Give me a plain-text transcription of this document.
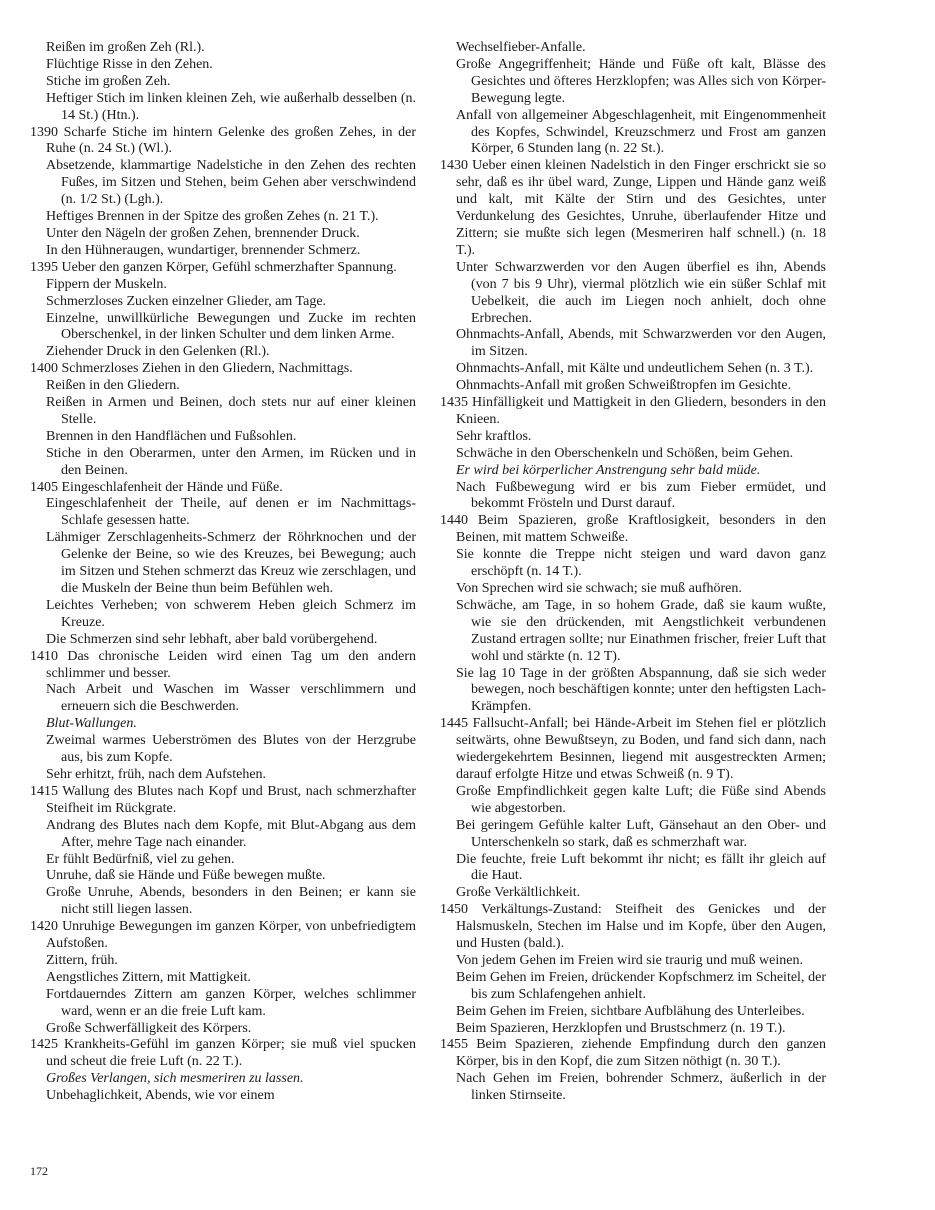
Reißen im großen Zeh (Rl.).
Flüchtige Risse in den Zehen.
Stiche im großen Zeh.
Heftiger Stich im linken kleinen Zeh, wie außerhalb desselben (n. 14 St.) (Htn.).
1390 Scharfe Stiche im hintern Gelenke des großen Zehes, in der Ruhe (n. 24 St.) (Wl.).
Absetzende, klammartige Nadelstiche in den Zehen des rechten Fußes, im Sitzen und Stehen, beim Gehen aber verschwindend (n. 1/2 St.) (Lgh.).
Heftiges Brennen in der Spitze des großen Zehes (n. 21 T.).
Unter den Nägeln der großen Zehen, brennender Druck.
In den Hühneraugen, wundartiger, brennender Schmerz.
1395 Ueber den ganzen Körper, Gefühl schmerzhafter Spannung.
Fippern der Muskeln.
Schmerzloses Zucken einzelner Glieder, am Tage.
Einzelne, unwillkürliche Bewegungen und Zucke im rechten Oberschenkel, in der linken Schulter und dem linken Arme.
Ziehender Druck in den Gelenken (Rl.).
1400 Schmerzloses Ziehen in den Gliedern, Nachmittags.
Reißen in den Gliedern.
Reißen in Armen und Beinen, doch stets nur auf einer kleinen Stelle.
Brennen in den Handflächen und Fußsohlen.
Stiche in den Oberarmen, unter den Armen, im Rücken und in den Beinen.
1405 Eingeschlafenheit der Hände und Füße.
Eingeschlafenheit der Theile, auf denen er im Nachmittags-Schlafe gesessen hatte.
Lähmiger Zerschlagenheits-Schmerz der Röhrknochen und der Gelenke der Beine, so wie des Kreuzes, bei Bewegung; auch im Sitzen und Stehen schmerzt das Kreuz wie zerschlagen, und die Muskeln der Beine thun beim Befühlen weh.
Leichtes Verheben; von schwerem Heben gleich Schmerz im Kreuze.
Die Schmerzen sind sehr lebhaft, aber bald vorübergehend.
1410 Das chronische Leiden wird einen Tag um den andern schlimmer und besser.
Nach Arbeit und Waschen im Wasser verschlimmern und erneuern sich die Beschwerden.
Blut-Wallungen.
Zweimal warmes Ueberströmen des Blutes von der Herzgrube aus, bis zum Kopfe.
Sehr erhitzt, früh, nach dem Aufstehen.
1415 Wallung des Blutes nach Kopf und Brust, nach schmerzhafter Steifheit im Rückgrate.
Andrang des Blutes nach dem Kopfe, mit Blut-Abgang aus dem After, mehre Tage nach einander.
Er fühlt Bedürfniß, viel zu gehen.
Unruhe, daß sie Hände und Füße bewegen mußte.
Große Unruhe, Abends, besonders in den Beinen; er kann sie nicht still liegen lassen.
1420 Unruhige Bewegungen im ganzen Körper, von unbefriedigtem Aufstoßen.
Zittern, früh.
Aengstliches Zittern, mit Mattigkeit.
Fortdauerndes Zittern am ganzen Körper, welches schlimmer ward, wenn er an die freie Luft kam.
Große Schwerfälligkeit des Körpers.
1425 Krankheits-Gefühl im ganzen Körper; sie muß viel spucken und scheut die freie Luft (n. 22 T.).
Großes Verlangen, sich mesmeriren zu lassen.
Unbehaglichkeit, Abends, wie vor einem
Wechselfieber-Anfalle.
Große Angegriffenheit; Hände und Füße oft kalt, Blässe des Gesichtes und öfteres Herzklopfen; was Alles sich von Körper-Bewegung legte.
Anfall von allgemeiner Abgeschlagenheit, mit Eingenommenheit des Kopfes, Schwindel, Kreuzschmerz und Frost am ganzen Körper, 6 Stunden lang (n. 22 St.).
1430 Ueber einen kleinen Nadelstich in den Finger erschrickt sie so sehr, daß es ihr übel ward, Zunge, Lippen und Hände ganz weiß und kalt, mit Kälte der Stirn und des Gesichtes, unter Verdunkelung des Gesichtes, Unruhe, überlaufender Hitze und Zittern; sie mußte sich legen (Mesmeriren half schnell.) (n. 18 T.).
Unter Schwarzwerden vor den Augen überfiel es ihn, Abends (von 7 bis 9 Uhr), viermal plötzlich wie ein süßer Schlaf mit Uebelkeit, die auch im Liegen noch anhielt, doch ohne Erbrechen.
Ohnmachts-Anfall, Abends, mit Schwarzwerden vor den Augen, im Sitzen.
Ohnmachts-Anfall, mit Kälte und undeutlichem Sehen (n. 3 T.).
Ohnmachts-Anfall mit großen Schweißtropfen im Gesichte.
1435 Hinfälligkeit und Mattigkeit in den Gliedern, besonders in den Knieen.
Sehr kraftlos.
Schwäche in den Oberschenkeln und Schößen, beim Gehen.
Er wird bei körperlicher Anstrengung sehr bald müde.
Nach Fußbewegung wird er bis zum Fieber ermüdet, und bekommt Frösteln und Durst darauf.
1440 Beim Spazieren, große Kraftlosigkeit, besonders in den Beinen, mit mattem Schweiße.
Sie konnte die Treppe nicht steigen und ward davon ganz erschöpft (n. 14 T.).
Von Sprechen wird sie schwach; sie muß aufhören.
Schwäche, am Tage, in so hohem Grade, daß sie kaum wußte, wie sie den drückenden, mit Aengstlichkeit verbundenen Zustand ertragen sollte; nur Einathmen frischer, freier Luft that wohl und stärkte (n. 12 T).
Sie lag 10 Tage in der größten Abspannung, daß sie sich weder bewegen, noch beschäftigen konnte; unter den heftigsten Lach-Krämpfen.
1445 Fallsucht-Anfall; bei Hände-Arbeit im Stehen fiel er plötzlich seitwärts, ohne Bewußtseyn, zu Boden, und fand sich dann, nach wiedergekehrtem Besinnen, liegend mit ausgestreckten Armen; darauf erfolgte Hitze und etwas Schweiß (n. 9 T).
Große Empfindlichkeit gegen kalte Luft; die Füße sind Abends wie abgestorben.
Bei geringem Gefühle kalter Luft, Gänsehaut an den Ober- und Unterschenkeln so stark, daß es schmerzhaft war.
Die feuchte, freie Luft bekommt ihr nicht; es fällt ihr gleich auf die Haut.
Große Verkältlichkeit.
1450 Verkältungs-Zustand: Steifheit des Genickes und der Halsmuskeln, Stechen im Halse und im Kopfe, über den Augen, und Husten (bald.).
Von jedem Gehen im Freien wird sie traurig und muß weinen.
Beim Gehen im Freien, drückender Kopfschmerz im Scheitel, der bis zum Schlafengehen anhielt.
Beim Gehen im Freien, sichtbare Aufblähung des Unterleibes.
Beim Spazieren, Herzklopfen und Brustschmerz (n. 19 T.).
1455 Beim Spazieren, ziehende Empfindung durch den ganzen Körper, bis in den Kopf, die zum Sitzen nöthigt (n. 30 T.).
Nach Gehen im Freien, bohrender Schmerz, äußerlich in der linken Stirnseite.
172
